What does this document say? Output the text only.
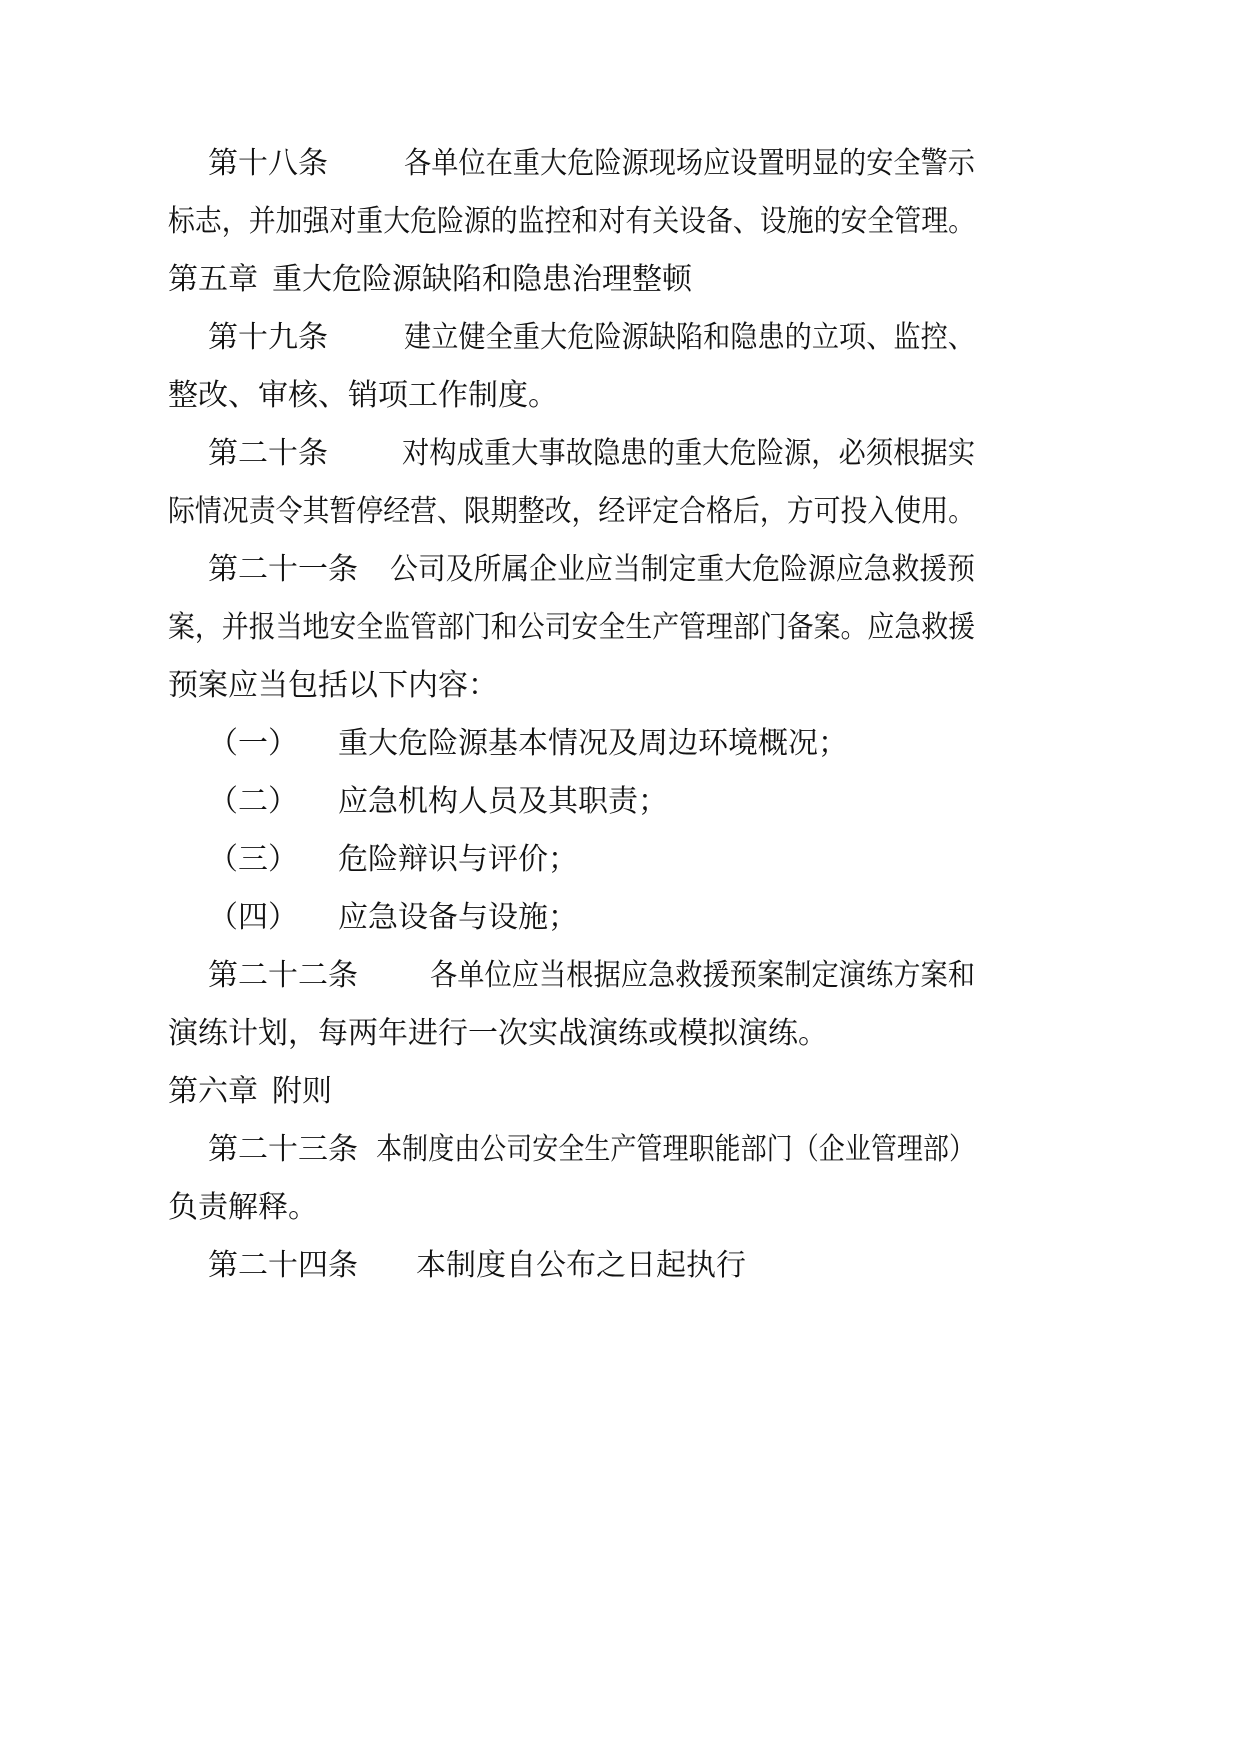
第十八条	各单位在重大危险源现场应设置明显的安全警示
标志，并加强对重大危险源的监控和对有关设备、设施的安全管理。
第五章 重大危险源缺陷和隐患治理整顿
第十九条	建立健全重大危险源缺陷和隐患的立项、监控、
整改、审核、销项工作制度。
第二十条 对构成重大事故隐患的重大危险源，必须根据实
际情况责令其暂停经营、限期整改，经评定合格后，方可投入使用。
第二十一条 公司及所属企业应当制定重大危险源应急救援预
案，并报当地安全监管部门和公司安全生产管理部门备案。应急救援
预案应当包括以下内容：
（一） 重大危险源基本情况及周边环境概况；
（二） 应急机构人员及其职责；
（三） 危险辩识与评价；
（四） 应急设备与设施；
第二十二条 各单位应当根据应急救援预案制定演练方案和
演练计划，每两年进行一次实战演练或模拟演练。
第六章 附则
第二十三条 本制度由公司安全生产管理职能部门（企业管理部）
负责解释。
第二十四条 本制度自公布之日起执行
